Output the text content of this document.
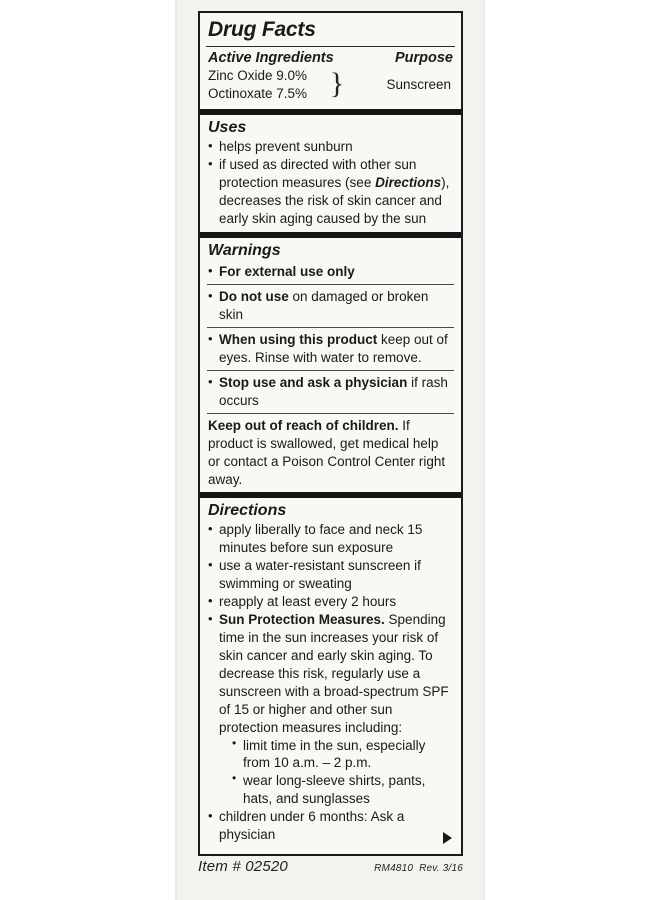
Drug Facts
Active Ingredients	Purpose
Zinc Oxide 9.0%
Octinoxate 7.5% }	Sunscreen
Uses
• helps prevent sunburn
• if used as directed with other sun protection measures (see Directions), decreases the risk of skin cancer and early skin aging caused by the sun
Warnings
• For external use only
• Do not use on damaged or broken skin
• When using this product keep out of eyes. Rinse with water to remove.
• Stop use and ask a physician if rash occurs
Keep out of reach of children. If product is swallowed, get medical help or contact a Poison Control Center right away.
Directions
• apply liberally to face and neck 15 minutes before sun exposure
• use a water-resistant sunscreen if swimming or sweating
• reapply at least every 2 hours
• Sun Protection Measures. Spending time in the sun increases your risk of skin cancer and early skin aging. To decrease this risk, regularly use a sunscreen with a broad-spectrum SPF of 15 or higher and other sun protection measures including:
• limit time in the sun, especially from 10 a.m. – 2 p.m.
• wear long-sleeve shirts, pants, hats, and sunglasses
• children under 6 months: Ask a physician
Item # 02520	RM4810 Rev. 3/16
